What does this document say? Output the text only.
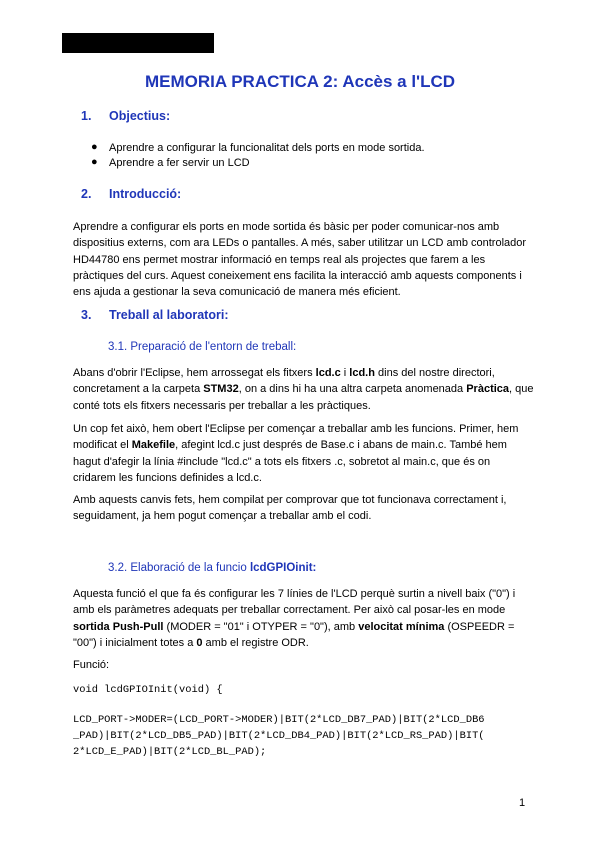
MEMORIA PRACTICA 2: Accès a l'LCD
1. Objectius:
● Aprendre a configurar la funcionalitat dels ports en mode sortida.
● Aprendre a fer servir un LCD
2. Introducció:

Aprendre a configurar els ports en mode sortida és bàsic per poder comunicar-nos amb dispositius externs, com ara LEDs o pantalles. A més, saber utilitzar un LCD amb controlador HD44780 ens permet mostrar informació en temps real als projectes que farem a les pràctiques del curs. Aquest coneixement ens facilita la interacció amb aquests components i ens ajuda a gestionar la seva comunicació de manera més eficient.

3. Treball al laboratori:
3.1. Preparació de l'entorn de treball:

Abans d'obrir l'Eclipse, hem arrossegat els fitxers lcd.c i lcd.h dins del nostre directori, concretament a la carpeta STM32, on a dins hi ha una altra carpeta anomenada Pràctica, que conté tots els fitxers necessaris per treballar a les pràctiques.

Un cop fet això, hem obert l'Eclipse per començar a treballar amb les funcions. Primer, hem modificat el Makefile, afegint lcd.c just després de Base.c i abans de main.c. També hem hagut d'afegir la línia #include "lcd.c" a tots els fitxers .c, sobretot al main.c, que és on cridarem les funcions definides a lcd.c.

Amb aquests canvis fets, hem compilat per comprovar que tot funcionava correctament i, seguidament, ja hem pogut començar a treballar amb el codi.

3.2. Elaboració de la funcio lcdGPIOinit:

Aquesta funció el que fa és configurar les 7 línies de l'LCD perquè surtin a nivell baix ("0") i amb els paràmetres adequats per treballar correctament. Per això cal posar-les en mode sortida Push-Pull (MODER = "01" i OTYPER = "0"), amb velocitat mínima (OSPEEDR = "00") i inicialment totes a 0 amb el registre ODR.

Funció:
void lcdGPIOInit(void) {
LCD_PORT->MODER=(LCD_PORT->MODER)|BIT(2*LCD_DB7_PAD)|BIT(2*LCD_DB6
_PAD)|BIT(2*LCD_DB5_PAD)|BIT(2*LCD_DB4_PAD)|BIT(2*LCD_RS_PAD)|BIT(
2*LCD_E_PAD)|BIT(2*LCD_BL_PAD);
1
